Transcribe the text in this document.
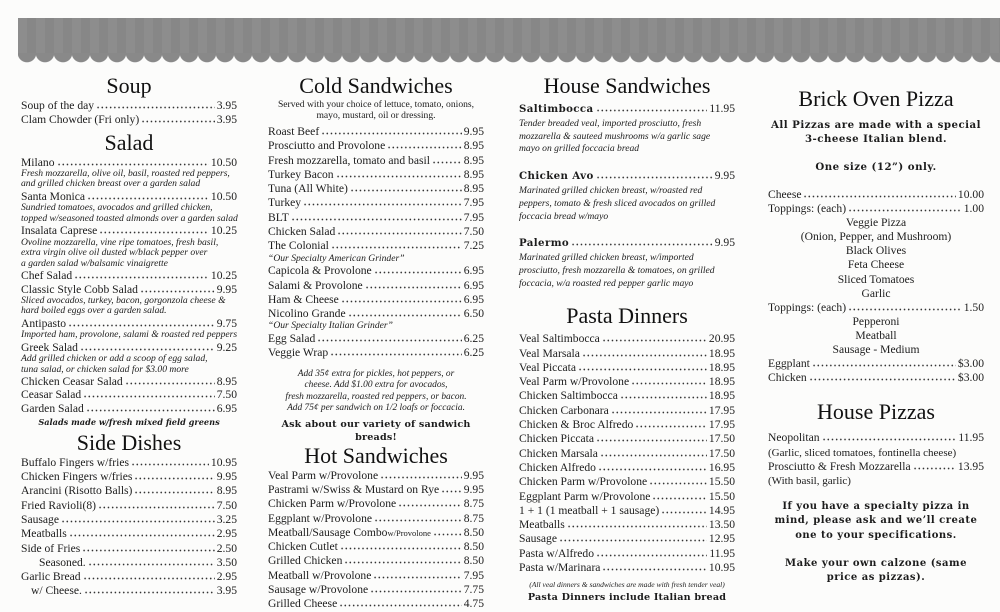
Soup
Soup of the day	3.95
Clam Chowder (Fri only)	3.95
Salad
Milano	10.50
Fresh mozzarella, olive oil, basil, roasted red peppers,
and grilled chicken breast over a garden salad
Santa Monica	10.50
Sundried tomatoes, avocados and grilled chicken,
topped w/seasoned toasted almonds over a garden salad
Insalata Caprese	10.25
Ovoline mozzarella, vine ripe tomatoes, fresh basil,
extra virgin olive oil dusted w/black pepper over
a garden salad w/balsamic vinaigrette
Chef Salad	10.25
Classic Style Cobb Salad	9.95
Sliced avocados, turkey, bacon, gorgonzola cheese &
hard boiled eggs over a garden salad.
Antipasto	9.75
Imported ham, provolone, salami & roasted red peppers
Greek Salad	9.25
Add grilled chicken or add a scoop of egg salad,
tuna salad, or chicken salad for $3.00 more
Chicken Ceasar Salad	8.95
Ceasar Salad	7.50
Garden Salad	6.95
Salads made w/fresh mixed field greens
Side Dishes
Buffalo Fingers w/fries	10.95
Chicken Fingers w/fries	9.95
Arancini (Risotto Balls)	8.95
Fried Ravioli(8)	7.50
Sausage	3.25
Meatballs	2.95
Side of Fries	2.50
Seasoned.	3.50
Garlic Bread	2.95
w/ Cheese.	3.95
Cold Sandwiches
Served with your choice of lettuce, tomato, onions,
mayo, mustard, oil or dressing.
Roast Beef	9.95
Prosciutto and Provolone	8.95
Fresh mozzarella, tomato and basil	8.95
Turkey Bacon	8.95
Tuna (All White)	8.95
Turkey	7.95
BLT	7.95
Chicken Salad	7.50
The Colonial	7.25
“Our Specialty American Grinder”
Capicola & Provolone	6.95
Salami & Provolone	6.95
Ham & Cheese	6.95
Nicolino Grande	6.50
“Our Specialty Italian Grinder”
Egg Salad	6.25
Veggie Wrap	6.25
Add 35¢ extra for pickles, hot peppers, or
cheese. Add $1.00 extra for avocados,
fresh mozzarella, roasted red peppers, or bacon.
Add 75¢ per sandwich on 1/2 loafs or foccacia.
Ask about our variety of sandwich breads!
Hot Sandwiches
Veal Parm w/Provolone	9.95
Pastrami w/Swiss & Mustard on Rye 9.95
Chicken Parm w/Provolone	8.75
Eggplant w/Provolone	8.75
Meatball/Sausage Combo w/Provolone	8.50
Chicken Cutlet	8.50
Grilled Chicken	8.50
Meatball w/Provolone	7.95
Sausage w/Provolone	7.75
Grilled Cheese	4.75
House Sandwiches
Saltimbocca	11.95
Tender breaded veal, imported prosciutto, fresh
mozzarella & sauteed mushrooms w/a garlic sage
mayo on grilled foccacia bread
Chicken Avo	9.95
Marinated grilled chicken breast, w/roasted red
peppers, tomato & fresh sliced avocados on grilled
foccacia bread w/mayo
Palermo	9.95
Marinated grilled chicken breast, w/imported
prosciutto, fresh mozzarella & tomatoes, on grilled
foccacia, w/a roasted red pepper garlic mayo
Pasta Dinners
Veal Saltimbocca	20.95
Veal Marsala	18.95
Veal Piccata	18.95
Veal Parm w/Provolone	18.95
Chicken Saltimbocca	18.95
Chicken Carbonara	17.95
Chicken & Broc Alfredo	17.95
Chicken Piccata	17.50
Chicken Marsala	17.50
Chicken Alfredo	16.95
Chicken Parm w/Provolone	15.50
Eggplant Parm w/Provolone	15.50
1 + 1 (1 meatball + 1 sausage)	14.95
Meatballs	13.50
Sausage	12.95
Pasta w/Alfredo	11.95
Pasta w/Marinara	10.95
(All veal dinners & sandwiches are made with fresh tender veal)
Pasta Dinners include Italian bread
Brick Oven Pizza

All Pizzas are made with a special
3-cheese Italian blend.

One size (12”) only.

Cheese	10.00
Toppings: (each)	1.00
Veggie Pizza
(Onion, Pepper, and Mushroom)
Black Olives
Feta Cheese
Sliced Tomatoes
Garlic
Toppings: (each)	1.50
Pepperoni
Meatball
Sausage - Medium
Eggplant	$3.00
Chicken	$3.00
House Pizzas
Neopolitan	11.95
(Garlic, sliced tomatoes, fontinella cheese)
Prosciutto & Fresh Mozzarella	13.95
(With basil, garlic)
If you have a specialty pizza in mind, please ask and we’ll create one to your specifications.
Make your own calzone (same price as pizzas).
